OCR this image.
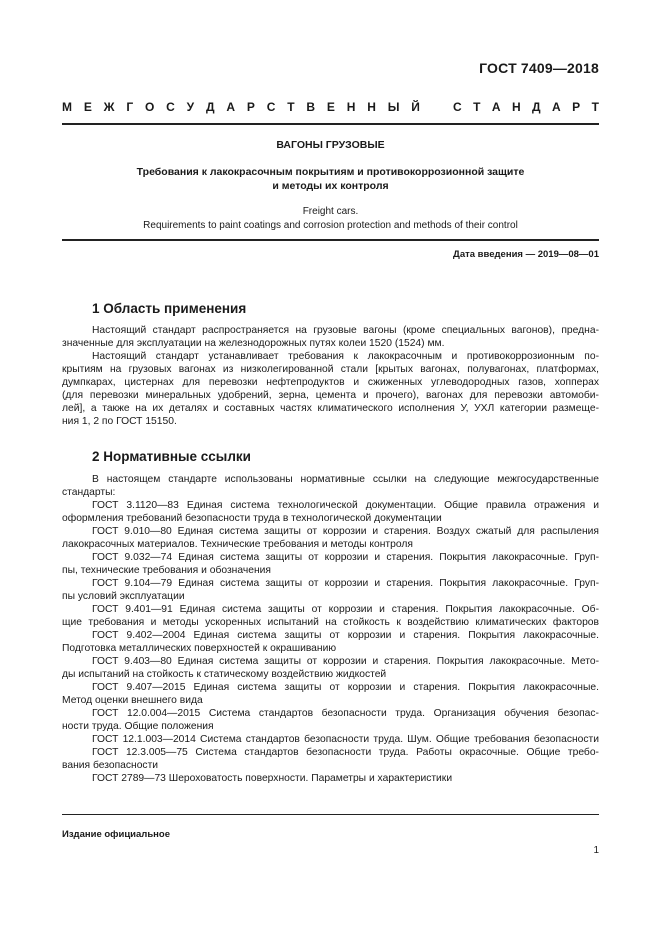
ГОСТ 7409—2018
М Е Ж Г О С У Д А Р С Т В Е Н Н Ы Й	С Т А Н Д А Р Т
ВАГОНЫ ГРУЗОВЫЕ
Требования к лакокрасочным покрытиям и противокоррозионной защите
и методы их контроля
Freight cars.
Requirements to paint coatings and corrosion protection and methods of their control
Дата введения — 2019—08—01
1 Область применения
Настоящий стандарт распространяется на грузовые вагоны (кроме специальных вагонов), предна-
значенные для эксплуатации на железнодорожных путях колеи 1520 (1524) мм.
Настоящий стандарт устанавливает требования к лакокрасочным и противокоррозионным по-
крытиям на грузовых вагонах из низколегированной стали [крытых вагонах, полувагонах, платформах,
думпкарах, цистернах для перевозки нефтепродуктов и сжиженных углеводородных газов, хопперах
(для перевозки минеральных удобрений, зерна, цемента и прочего), вагонах для перевозки автомоби-
лей], а также на их деталях и составных частях климатического исполнения У, УХЛ категории размеще-
ния 1, 2 по ГОСТ 15150.
2 Нормативные ссылки
В настоящем стандарте использованы нормативные ссылки на следующие межгосударственные
стандарты:
ГОСТ 3.1120—83 Единая система технологической документации. Общие правила отражения и
оформления требований безопасности труда в технологической документации
ГОСТ 9.010—80 Единая система защиты от коррозии и старения. Воздух сжатый для распыления
лакокрасочных материалов. Технические требования и методы контроля
ГОСТ 9.032—74 Единая система защиты от коррозии и старения. Покрытия лакокрасочные. Груп-
пы, технические требования и обозначения
ГОСТ 9.104—79 Единая система защиты от коррозии и старения. Покрытия лакокрасочные. Груп-
пы условий эксплуатации
ГОСТ 9.401—91 Единая система защиты от коррозии и старения. Покрытия лакокрасочные. Об-
щие требования и методы ускоренных испытаний на стойкость к воздействию климатических факторов
ГОСТ 9.402—2004 Единая система защиты от коррозии и старения. Покрытия лакокрасочные.
Подготовка металлических поверхностей к окрашиванию
ГОСТ 9.403—80 Единая система защиты от коррозии и старения. Покрытия лакокрасочные. Мето-
ды испытаний на стойкость к статическому воздействию жидкостей
ГОСТ 9.407—2015 Единая система защиты от коррозии и старения. Покрытия лакокрасочные.
Метод оценки внешнего вида
ГОСТ 12.0.004—2015 Система стандартов безопасности труда. Организация обучения безопас-
ности труда. Общие положения
ГОСТ 12.1.003—2014 Система стандартов безопасности труда. Шум. Общие требования безопасности
ГОСТ 12.3.005—75 Система стандартов безопасности труда. Работы окрасочные. Общие требо-
вания безопасности
ГОСТ 2789—73 Шероховатость поверхности. Параметры и характеристики
Издание официальное
1
